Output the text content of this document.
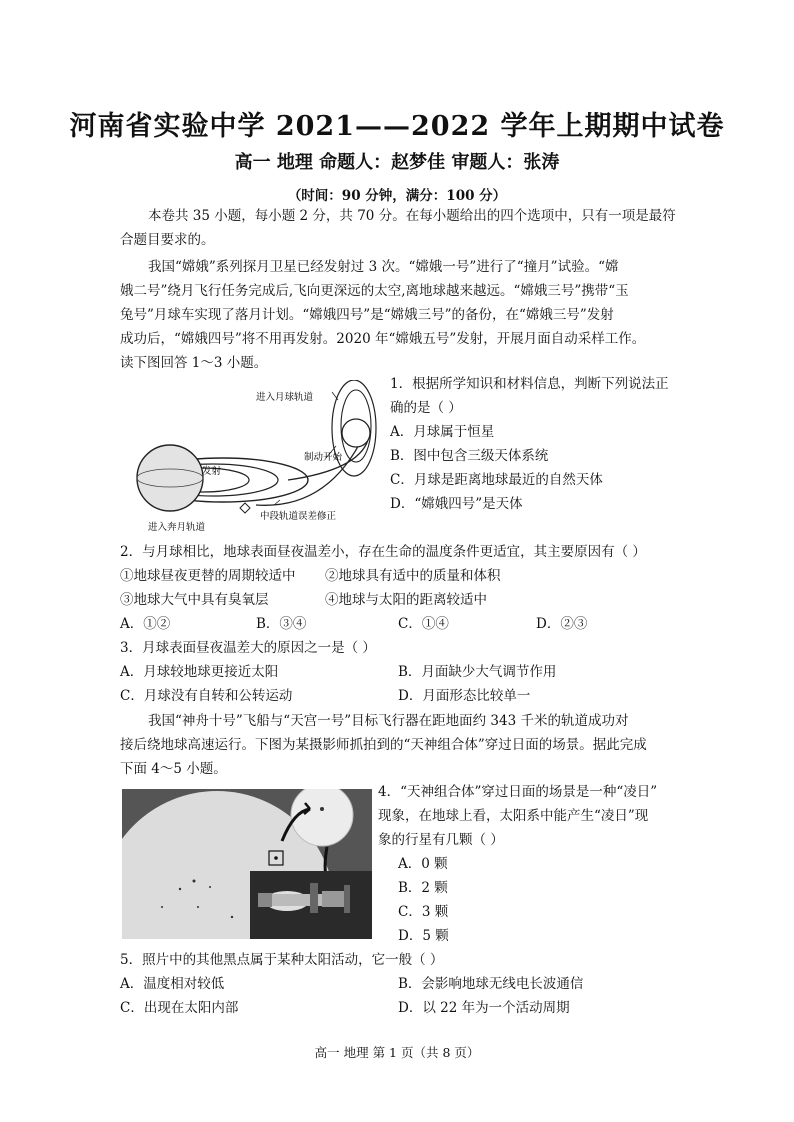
河南省实验中学 2021——2022 学年上期期中试卷
高一 地理 命题人：赵梦佳 审题人：张涛
（时间：90 分钟，满分：100 分）
本卷共 35 小题，每小题 2 分，共 70 分。在每小题给出的四个选项中，只有一项是最符
合题目要求的。
我国“嫦娥”系列探月卫星已经发射过 3 次。“嫦娥一号”进行了“撞月”试验。“嫦
娥二号”绕月飞行任务完成后,飞向更深远的太空,离地球越来越远。“嫦娥三号”携带“玉
兔号”月球车实现了落月计划。“嫦娥四号”是“嫦娥三号”的备份，在“嫦娥三号”发射
成功后，“嫦娥四号”将不用再发射。2020 年“嫦娥五号”发射，开展月面自动采样工作。
读下图回答 1～3 小题。
进入月球轨道
制动开始
发射
进入奔月轨道
中段轨道误差修正
1．根据所学知识和材料信息，判断下列说法正
确的是（ ）
A．月球属于恒星
B．图中包含三级天体系统
C．月球是距离地球最近的自然天体
D．“嫦娥四号”是天体
2．与月球相比，地球表面昼夜温差小，存在生命的温度条件更适宜，其主要原因有（ ）
①地球昼夜更替的周期较适中 ②地球具有适中的质量和体积
③地球大气中具有臭氧层	④地球与太阳的距离较适中
A．①②	B．③④	C．①④	D．②③
3．月球表面昼夜温差大的原因之一是（ ）
A．月球较地球更接近太阳	B．月面缺少大气调节作用
C．月球没有自转和公转运动	D．月面形态比较单一
我国“神舟十号”飞船与“天宫一号”目标飞行器在距地面约 343 千米的轨道成功对
接后绕地球高速运行。下图为某摄影师抓拍到的“天神组合体”穿过日面的场景。据此完成
下面 4～5 小题。
4．“天神组合体”穿过日面的场景是一种“凌日”
现象，在地球上看，太阳系中能产生“凌日”现
象的行星有几颗（ ）
A．0 颗
B．2 颗
C．3 颗
D．5 颗
5．照片中的其他黑点属于某种太阳活动，它一般（ ）
A．温度相对较低	B．会影响地球无线电长波通信
C．出现在太阳内部	D．以 22 年为一个活动周期
高一 地理 第 1 页（共 8 页）
